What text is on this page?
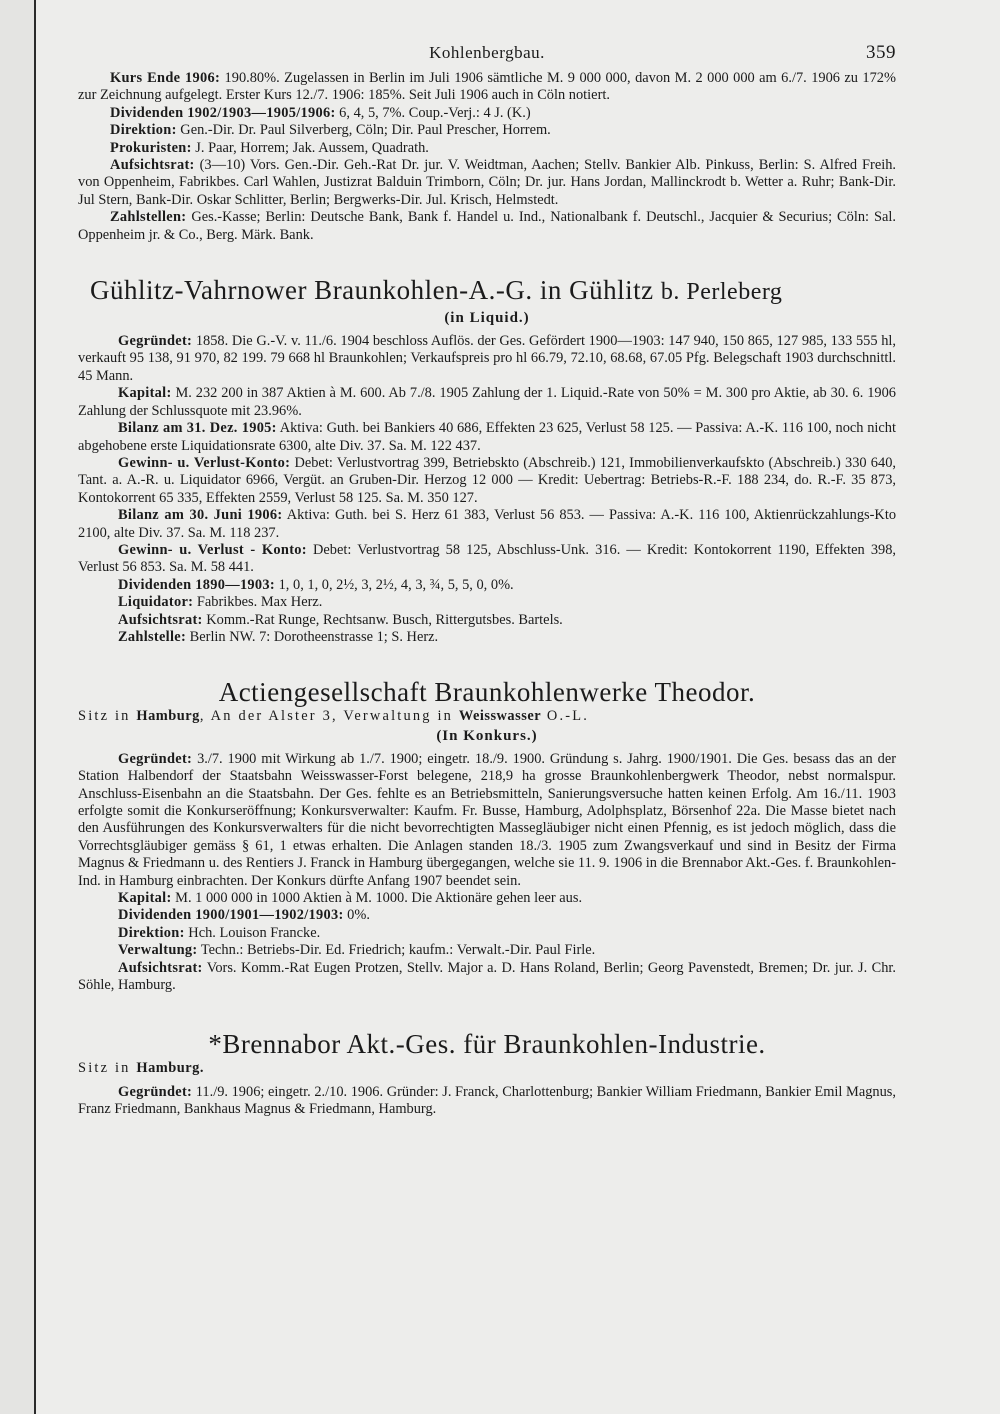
Kohlenbergbau.	359

Kurs Ende 1906: 190.80%. Zugelassen in Berlin im Juli 1906 sämtliche M. 9 000 000, davon M. 2 000 000 am 6./7. 1906 zu 172% zur Zeichnung aufgelegt. Erster Kurs 12./7. 1906: 185%. Seit Juli 1906 auch in Cöln notiert.

Dividenden 1902/1903—1905/1906: 6, 4, 5, 7%. Coup.-Verj.: 4 J. (K.)

Direktion: Gen.-Dir. Dr. Paul Silverberg, Cöln; Dir. Paul Prescher, Horrem.

Prokuristen: J. Paar, Horrem; Jak. Aussem, Quadrath.

Aufsichtsrat: (3—10) Vors. Gen.-Dir. Geh.-Rat Dr. jur. V. Weidtman, Aachen; Stellv. Bankier Alb. Pinkuss, Berlin: S. Alfred Freih. von Oppenheim, Fabrikbes. Carl Wahlen, Justizrat Balduin Trimborn, Cöln; Dr. jur. Hans Jordan, Mallinckrodt b. Wetter a. Ruhr; Bank-Dir. Jul Stern, Bank-Dir. Oskar Schlitter, Berlin; Bergwerks-Dir. Jul. Krisch, Helmstedt.

Zahlstellen: Ges.-Kasse; Berlin: Deutsche Bank, Bank f. Handel u. Ind., Nationalbank f. Deutschl., Jacquier & Securius; Cöln: Sal. Oppenheim jr. & Co., Berg. Märk. Bank.

Gühlitz-Vahrnower Braunkohlen-A.-G. in Gühlitz b. Perleberg
(in Liquid.)

Gegründet: 1858. Die G.-V. v. 11./6. 1904 beschloss Auflös. der Ges. Gefördert 1900—1903: 147 940, 150 865, 127 985, 133 555 hl, verkauft 95 138, 91 970, 82 199. 79 668 hl Braunkohlen; Verkaufspreis pro hl 66.79, 72.10, 68.68, 67.05 Pfg. Belegschaft 1903 durchschnittl. 45 Mann.

Kapital: M. 232 200 in 387 Aktien à M. 600. Ab 7./8. 1905 Zahlung der 1. Liquid.-Rate von 50% = M. 300 pro Aktie, ab 30. 6. 1906 Zahlung der Schlussquote mit 23.96%.

Bilanz am 31. Dez. 1905: Aktiva: Guth. bei Bankiers 40 686, Effekten 23 625, Verlust 58 125. — Passiva: A.-K. 116 100, noch nicht abgehobene erste Liquidationsrate 6300, alte Div. 37. Sa. M. 122 437.

Gewinn- u. Verlust-Konto: Debet: Verlustvortrag 399, Betriebskto (Abschreib.) 121, Immobilienverkaufskto (Abschreib.) 330 640, Tant. a. A.-R. u. Liquidator 6966, Vergüt. an Gruben-Dir. Herzog 12 000 — Kredit: Uebertrag: Betriebs-R.-F. 188 234, do. R.-F. 35 873, Kontokorrent 65 335, Effekten 2559, Verlust 58 125. Sa. M. 350 127.

Bilanz am 30. Juni 1906: Aktiva: Guth. bei S. Herz 61 383, Verlust 56 853. — Passiva: A.-K. 116 100, Aktienrückzahlungs-Kto 2100, alte Div. 37. Sa. M. 118 237.

Gewinn- u. Verlust - Konto: Debet: Verlustvortrag 58 125, Abschluss-Unk. 316. — Kredit: Kontokorrent 1190, Effekten 398, Verlust 56 853. Sa. M. 58 441.

Dividenden 1890—1903: 1, 0, 1, 0, 2½, 3, 2½, 4, 3, ¾, 5, 5, 0, 0%.

Liquidator: Fabrikbes. Max Herz.

Aufsichtsrat: Komm.-Rat Runge, Rechtsanw. Busch, Rittergutsbes. Bartels.

Zahlstelle: Berlin NW. 7: Dorotheenstrasse 1; S. Herz.

Actiengesellschaft Braunkohlenwerke Theodor.

Sitz in Hamburg, An der Alster 3, Verwaltung in Weisswasser O.-L.

(In Konkurs.)

Gegründet: 3./7. 1900 mit Wirkung ab 1./7. 1900; eingetr. 18./9. 1900. Gründung s. Jahrg. 1900/1901. Die Ges. besass das an der Station Halbendorf der Staatsbahn Weisswasser-Forst belegene, 218,9 ha grosse Braunkohlenbergwerk Theodor, nebst normalspur. Anschluss-Eisenbahn an die Staatsbahn. Der Ges. fehlte es an Betriebsmitteln, Sanierungsversuche hatten keinen Erfolg. Am 16./11. 1903 erfolgte somit die Konkurseröffnung; Konkursverwalter: Kaufm. Fr. Busse, Hamburg, Adolphsplatz, Börsenhof 22a. Die Masse bietet nach den Ausführungen des Konkursverwalters für die nicht bevorrechtigten Massegläubiger nicht einen Pfennig, es ist jedoch möglich, dass die Vorrechtsgläubiger gemäss § 61, 1 etwas erhalten. Die Anlagen standen 18./3. 1905 zum Zwangsverkauf und sind in Besitz der Firma Magnus & Friedmann u. des Rentiers J. Franck in Hamburg übergegangen, welche sie 11. 9. 1906 in die Brennabor Akt.-Ges. f. Braunkohlen-Ind. in Hamburg einbrachten. Der Konkurs dürfte Anfang 1907 beendet sein.

Kapital: M. 1 000 000 in 1000 Aktien à M. 1000. Die Aktionäre gehen leer aus.

Dividenden 1900/1901—1902/1903: 0%.

Direktion: Hch. Louison Francke.

Verwaltung: Techn.: Betriebs-Dir. Ed. Friedrich; kaufm.: Verwalt.-Dir. Paul Firle.

Aufsichtsrat: Vors. Komm.-Rat Eugen Protzen, Stellv. Major a. D. Hans Roland, Berlin; Georg Pavenstedt, Bremen; Dr. jur. J. Chr. Söhle, Hamburg.

*Brennabor Akt.-Ges. für Braunkohlen-Industrie.

Sitz in Hamburg.

Gegründet: 11./9. 1906; eingetr. 2./10. 1906. Gründer: J. Franck, Charlottenburg; Bankier William Friedmann, Bankier Emil Magnus, Franz Friedmann, Bankhaus Magnus & Friedmann, Hamburg.
